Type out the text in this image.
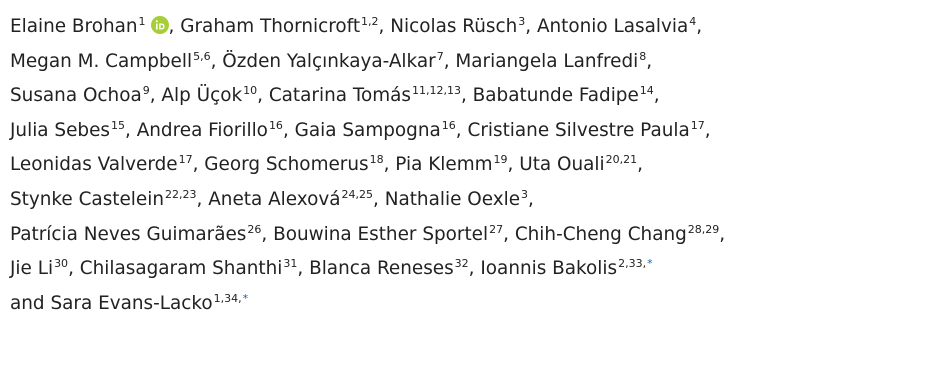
Elaine Brohan$^1$ , Graham Thornicroft$^{1,2}$, Nicolas Rüsch$^3$, Antonio Lasalvia$^4$,
Megan M. Campbell$^{5,6}$, Özden Yalçınkaya-Alkar$^7$, Mariangela Lanfredi$^8$,
Susana Ochoa$^9$, Alp Üçok$^{10}$, Catarina Tomás$^{11,12,13}$, Babatunde Fadipe$^{14}$,
Julia Sebes$^{15}$, Andrea Fiorillo$^{16}$, Gaia Sampogna$^{16}$, Cristiane Silvestre Paula$^{17}$,
Leonidas Valverde$^{17}$, Georg Schomerus$^{18}$, Pia Klemm$^{19}$, Uta Ouali$^{20,21}$,
Stynke Castelein$^{22,23}$, Aneta Alexová$^{24,25}$, Nathalie Oexle$^3$,
Patrícia Neves Guimarães$^{26}$, Bouwina Esther Sportel$^{27}$, Chih-Cheng Chang$^{28,29}$,
Jie Li$^{30}$, Chilasagaram Shanthi$^{31}$, Blanca Reneses$^{32}$, Ioannis Bakolis$^{2,33,*}$
and Sara Evans-Lacko$^{1,34,*}$
